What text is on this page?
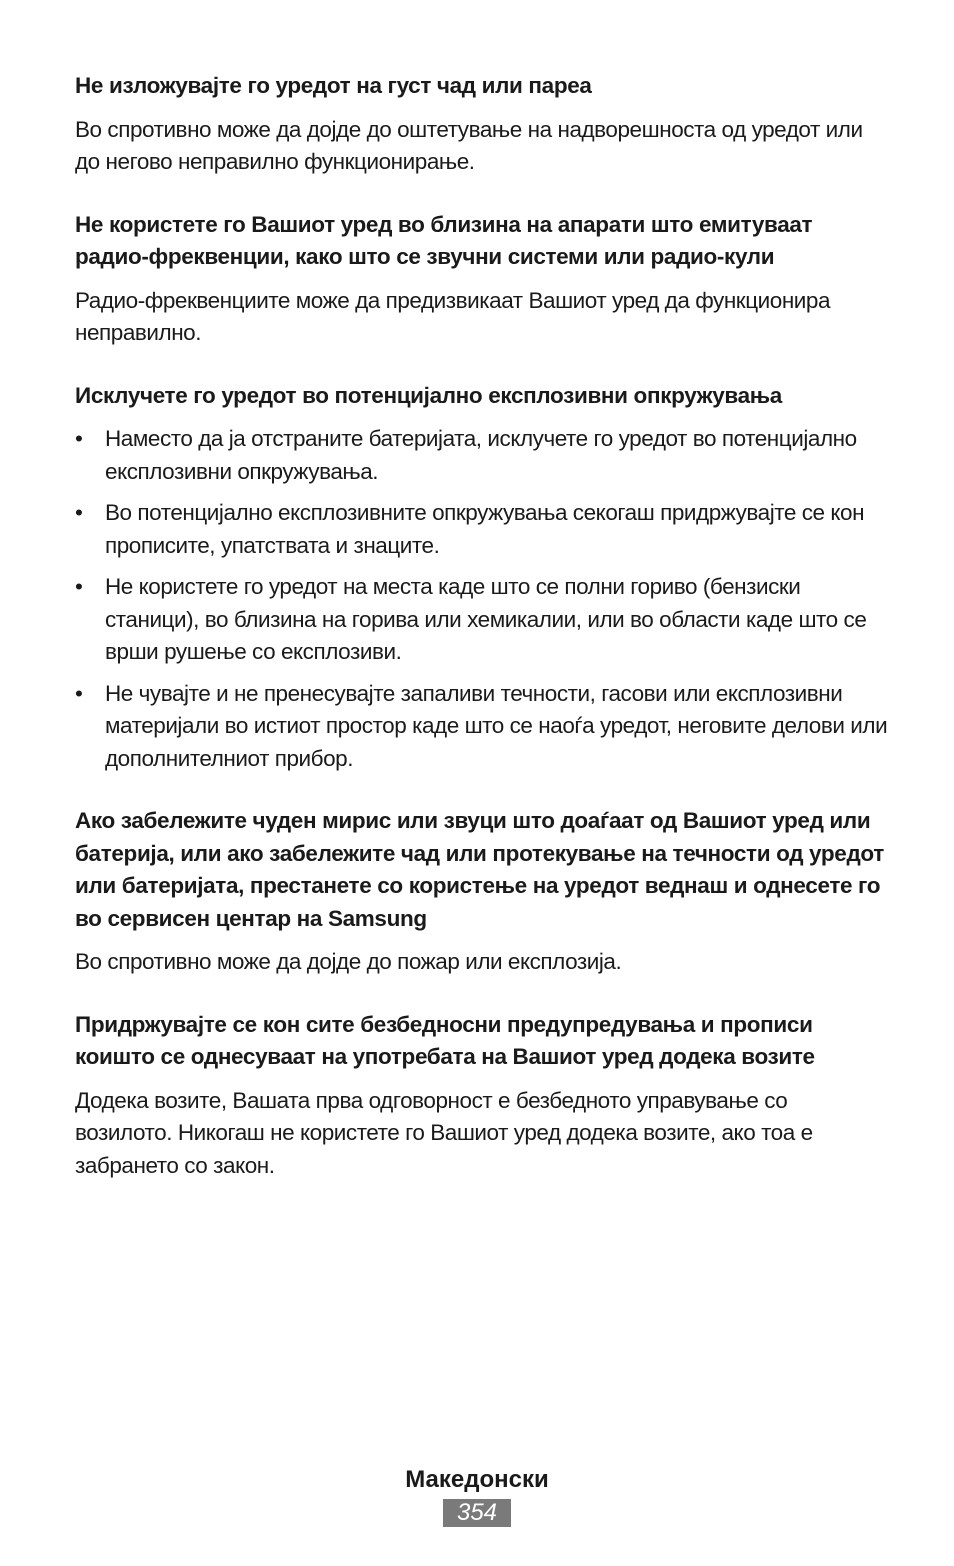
Не изложувајте го уредот на густ чад или пареа

Во спротивно може да дојде до оштетување на надворешноста од уредот или до негово неправилно функционирање.

Не користете го Вашиот уред во близина на апарати што емитуваат радио-фреквенции, како што се звучни системи или радио-кули

Радио-фреквенциите може да предизвикаат Вашиот уред да функционира неправилно.

Исклучете го уредот во потенцијално експлозивни опкружувања
•	Наместо да ја отстраните батеријата, исклучете го уредот во потенцијално експлозивни опкружувања.
•	Во потенцијално експлозивните опкружувања секогаш придржувајте се кон прописите, упатствата и знаците.
•	Не користете го уредот на места каде што се полни гориво (бензиски станици), во близина на горива или хемикалии, или во области каде што се врши рушење со експлозиви.
•	Не чувајте и не пренесувајте запаливи течности, гасови или експлозивни материјали во истиот простор каде што се наоѓа уредот, неговите делови или дополнителниот прибор.
Ако забележите чуден мирис или звуци што доаѓаат од Вашиот уред или батерија, или ако забележите чад или протекување на течности од уредот или батеријата, престанете со користење на уредот веднаш и однесете го во сервисен центар на Samsung

Во спротивно може да дојде до пожар или експлозија.

Придржувајте се кон сите безбедносни предупредувања и прописи коишто се однесуваат на употребата на Вашиот уред додека возите

Додека возите, Вашата прва одговорност е безбедното управување со возилото. Никогаш не користете го Вашиот уред додека возите, ако тоа е забрането со закон.

Македонски
354
